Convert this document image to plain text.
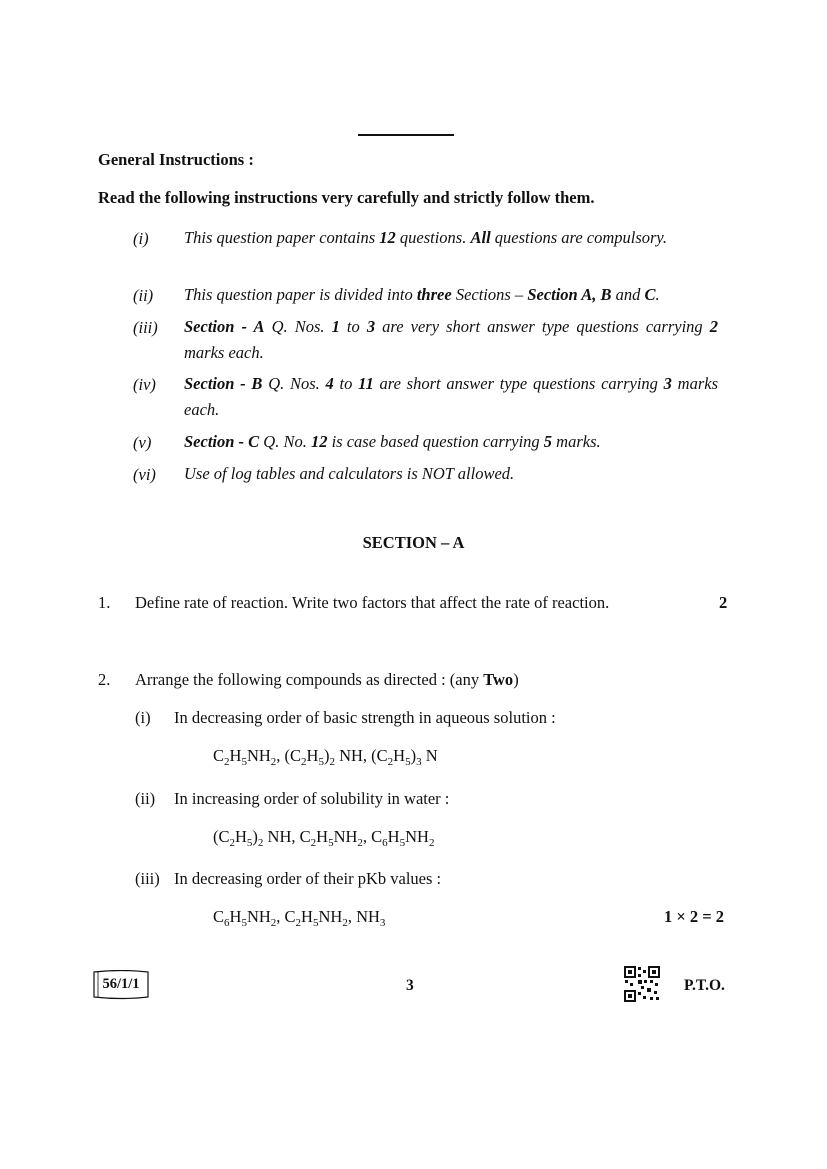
General Instructions :
Read the following instructions very carefully and strictly follow them.
(i) This question paper contains 12 questions. All questions are compulsory.
(ii) This question paper is divided into three Sections – Section A, B and C.
(iii) Section - A Q. Nos. 1 to 3 are very short answer type questions carrying 2 marks each.
(iv) Section - B Q. Nos. 4 to 11 are short answer type questions carrying 3 marks each.
(v) Section - C Q. No. 12 is case based question carrying 5 marks.
(vi) Use of log tables and calculators is NOT allowed.
SECTION – A
1. Define rate of reaction. Write two factors that affect the rate of reaction.	2
2. Arrange the following compounds as directed : (any Two)
(i) In decreasing order of basic strength in aqueous solution :
$C_2H_5NH_2$, $(C_2H_5)_2$ NH, $(C_2H_5)_3$ N
(ii) In increasing order of solubility in water :
$(C_2H_5)_2$ NH, $C_2H_5NH_2$, $C_6H_5NH_2$
(iii) In decreasing order of their pKb values :
$C_6H_5NH_2$, $C_2H_5NH_2$, $NH_3$	1 × 2 = 2
56/1/1	3	P.T.O.
